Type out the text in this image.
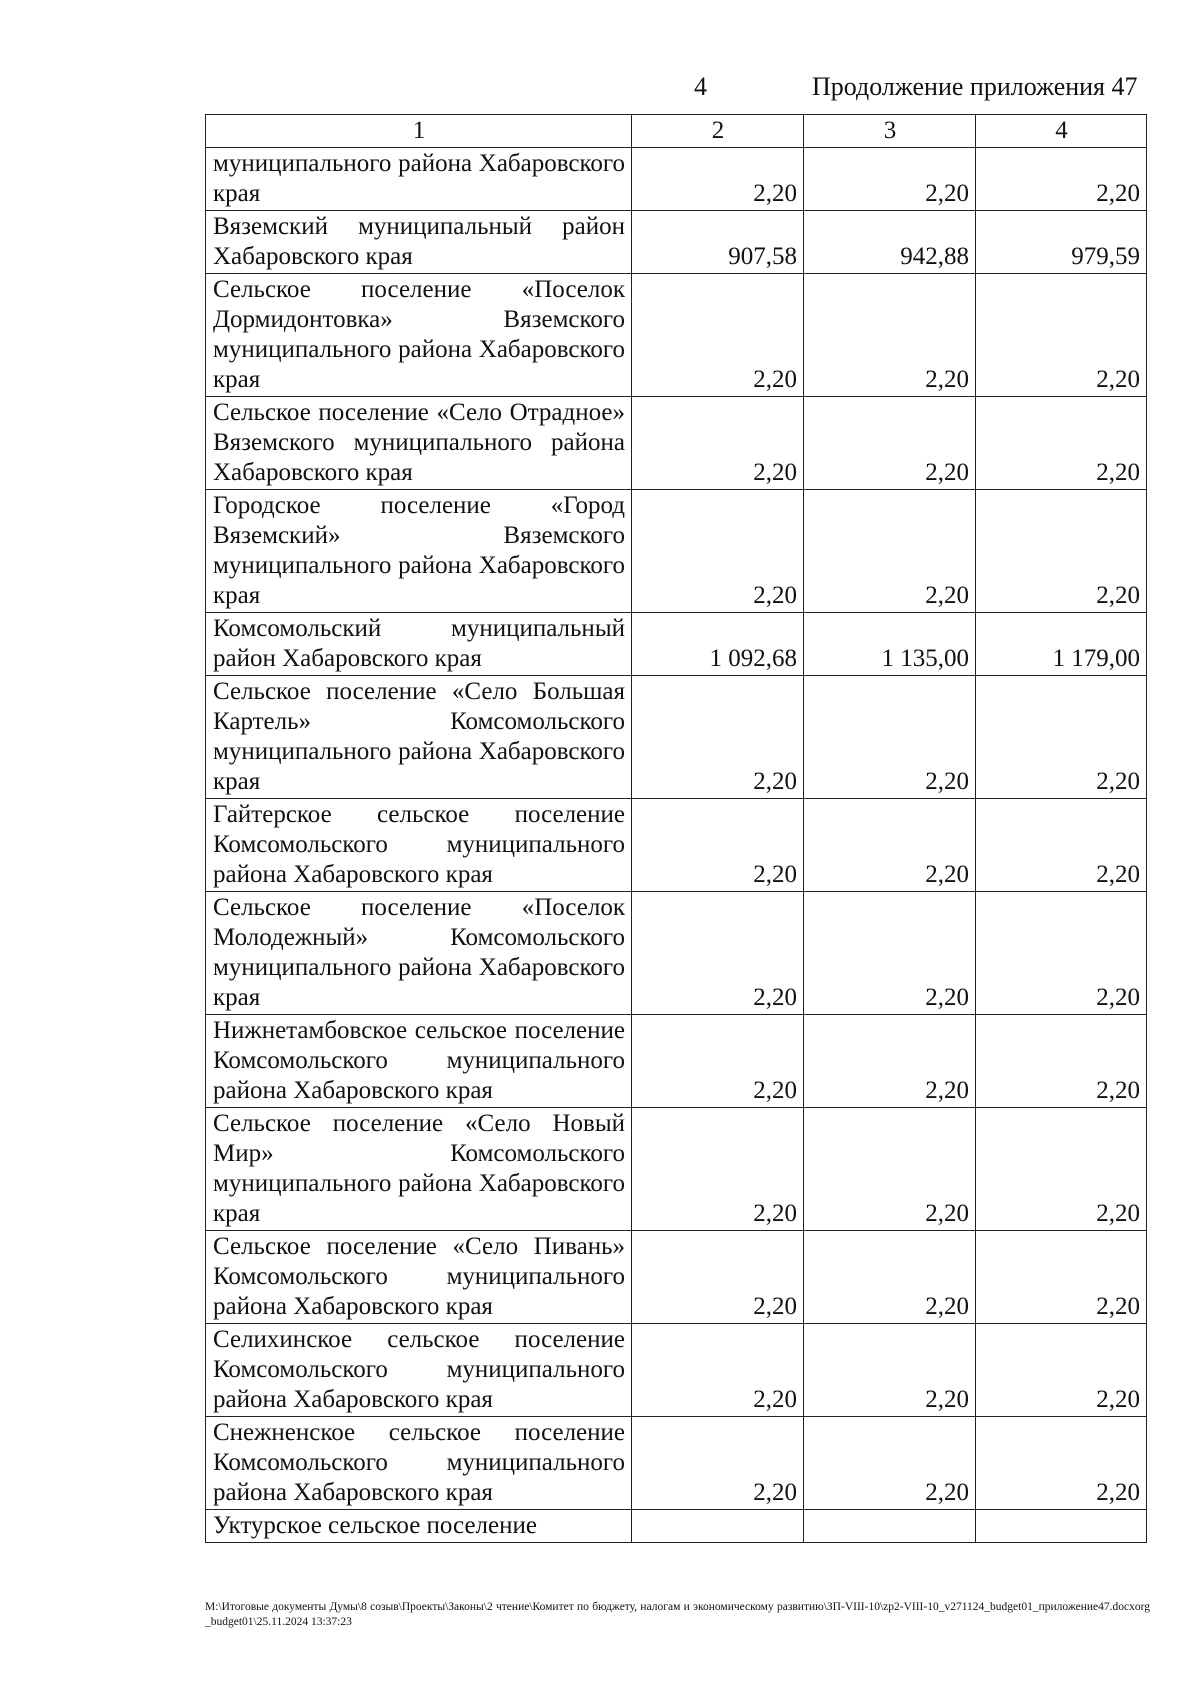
4	Продолжение приложения 47
1	2	3	4
муниципального района Хабаровского края	2,20	2,20	2,20
Вяземский муниципальный район Хабаровского края	907,58	942,88	979,59
Сельское поселение «Поселок Дормидонтовка» Вяземского муниципального района Хабаровского края	2,20	2,20	2,20
Сельское поселение «Село Отрадное» Вяземского муниципального района Хабаровского края	2,20	2,20	2,20
Городское поселение «Город Вяземский» Вяземского муниципального района Хабаровского края	2,20	2,20	2,20
Комсомольский муниципальный район Хабаровского края	1 092,68	1 135,00	1 179,00
Сельское поселение «Село Большая Картель» Комсомольского муниципального района Хабаровского края	2,20	2,20	2,20
Гайтерское сельское поселение Комсомольского муниципального района Хабаровского края	2,20	2,20	2,20
Сельское поселение «Поселок Молодежный» Комсомольского муниципального района Хабаровского края	2,20	2,20	2,20
Нижнетамбовское сельское поселение Комсомольского муниципального района Хабаровского края	2,20	2,20	2,20
Сельское поселение «Село Новый Мир» Комсомольского муниципального района Хабаровского края	2,20	2,20	2,20
Сельское поселение «Село Пивань» Комсомольского муниципального района Хабаровского края	2,20	2,20	2,20
Селихинское сельское поселение Комсомольского муниципального района Хабаровского края	2,20	2,20	2,20
Снежненское сельское поселение Комсомольского муниципального района Хабаровского края	2,20	2,20	2,20
Уктурское сельское поселение			
М:\Итоговые документы Думы\8 созыв\Проекты\Законы\2 чтение\Комитет по бюджету, налогам и экономическому развитию\ЗП-VIII-10\zp2-VIII-10_v271124_budget01_приложение47.docxorg_budget01\25.11.2024 13:37:23
